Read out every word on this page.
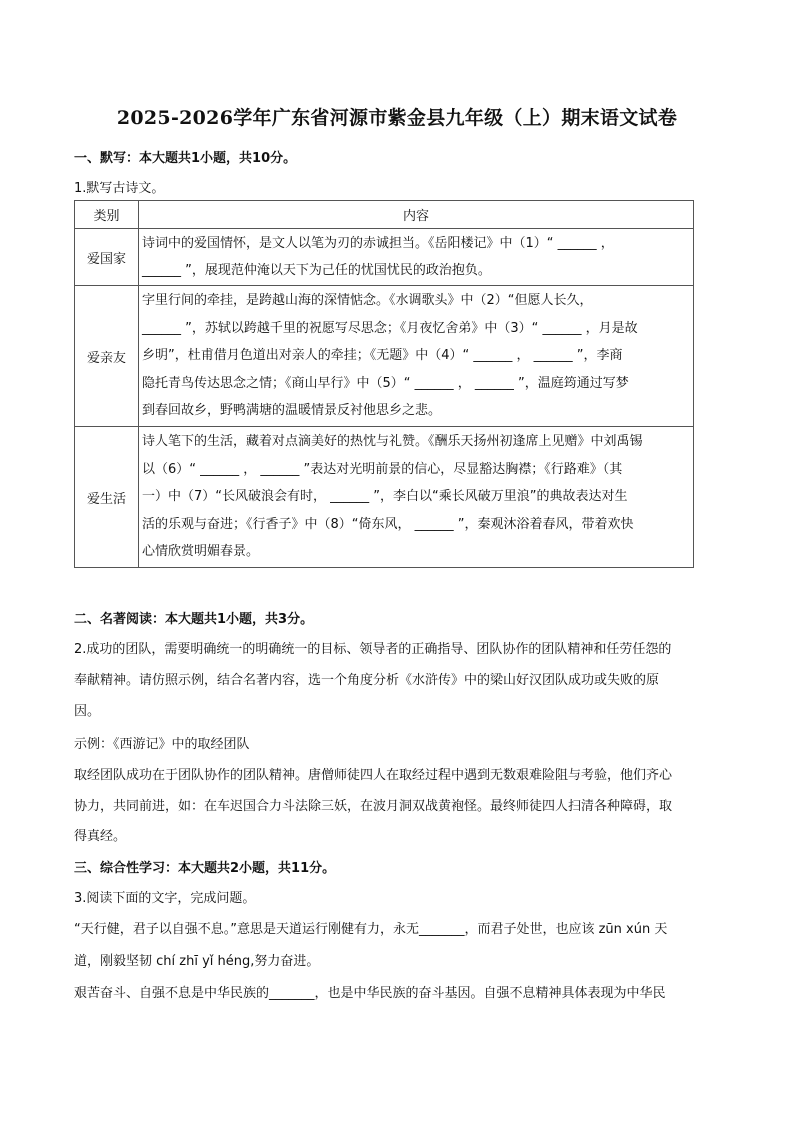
2025-2026学年广东省河源市紫金县九年级（上）期末语文试卷
一、默写：本大题共1小题，共10分。
1.默写古诗文。
类别	内容
爱国家	诗词中的爱国情怀，是文人以笔为刃的赤诚担当。《岳阳楼记》中（1）“ ______ ，
______ ”，展现范仲淹以天下为己任的忧国忧民的政治抱负。

爱亲友	字里行间的牵挂，是跨越山海的深情惦念。《水调歌头》中（2）“但愿人长久，
______ ”，苏轼以跨越千里的祝愿写尽思念；《月夜忆舍弟》中（3）“ ______ ，月是故
乡明”，杜甫借月色道出对亲人的牵挂；《无题》中（4）“ ______ ， ______ ”，李商
隐托青鸟传达思念之情；《商山早行》中（5）“ ______ ， ______ ”，温庭筠通过写梦
到春回故乡，野鸭满塘的温暖情景反衬他思乡之悲。

爱生活	诗人笔下的生活，藏着对点滴美好的热忱与礼赞。《酬乐天扬州初逢席上见赠》中刘禹锡
以（6）“ ______ ， ______ ”表达对光明前景的信心，尽显豁达胸襟；《行路难》（其
一）中（7）“长风破浪会有时， ______ ”，李白以“乘长风破万里浪”的典故表达对生
活的乐观与奋进；《行香子》中（8）“倚东风， ______ ”，秦观沐浴着春风，带着欢快
心情欣赏明媚春景。
二、名著阅读：本大题共1小题，共3分。
2.成功的团队，需要明确统一的明确统一的目标、领导者的正确指导、团队协作的团队精神和任劳任怨的
奉献精神。请仿照示例，结合名著内容，选一个角度分析《水浒传》中的梁山好汉团队成功或失败的原
因。
示例：《西游记》中的取经团队
取经团队成功在于团队协作的团队精神。唐僧师徒四人在取经过程中遇到无数艰难险阻与考验，他们齐心
协力，共同前进，如：在车迟国合力斗法除三妖，在波月洞双战黄袍怪。最终师徒四人扫清各种障碍，取
得真经。
三、综合性学习：本大题共2小题，共11分。
3.阅读下面的文字，完成问题。
“天行健，君子以自强不息。”意思是天道运行刚健有力，永无_______，而君子处世，也应该 zūn xún 天
道，刚毅坚韧 chí zhī yǐ héng,努力奋进。
艰苦奋斗、自强不息是中华民族的_______，也是中华民族的奋斗基因。自强不息精神具体表现为中华民
